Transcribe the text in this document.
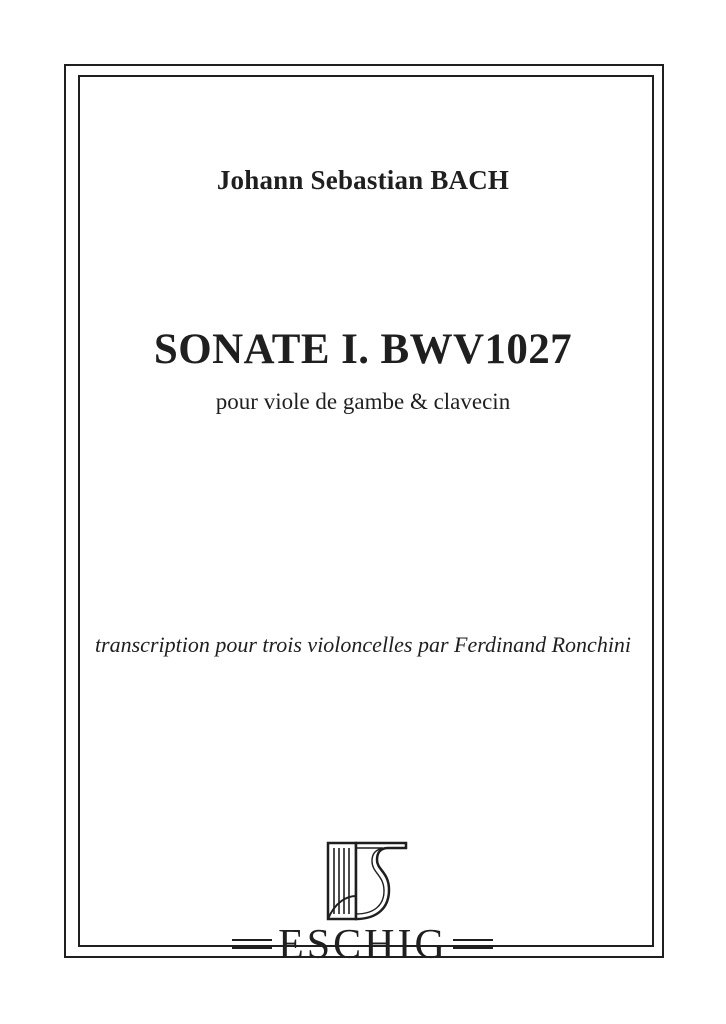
Johann Sebastian BACH
SONATE I. BWV1027
pour viole de gambe & clavecin
transcription pour trois violoncelles par Ferdinand Ronchini
ESCHIG
